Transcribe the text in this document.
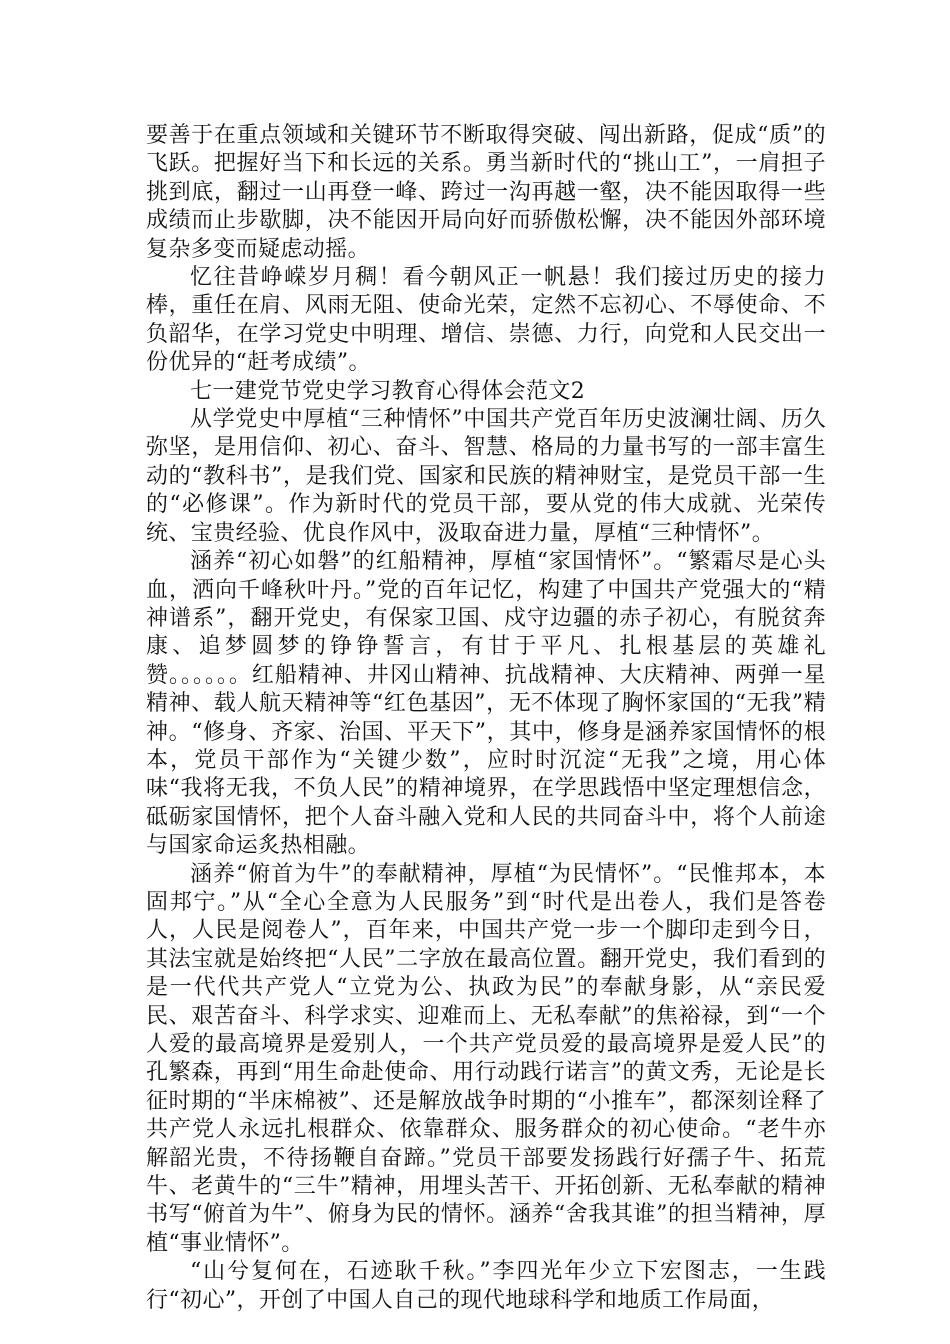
要善于在重点领域和关键环节不断取得突破、闯出新路，促成“质”的飞跃。把握好当下和长远的关系。勇当新时代的“挑山工”，一肩担子挑到底，翻过一山再登一峰、跨过一沟再越一壑，决不能因取得一些成绩而止步歇脚，决不能因开局向好而骄傲松懈，决不能因外部环境复杂多变而疑虑动摇。

忆往昔峥嵘岁月稠！看今朝风正一帆悬！我们接过历史的接力棒，重任在肩、风雨无阻、使命光荣，定然不忘初心、不辱使命、不负韶华，在学习党史中明理、增信、崇德、力行，向党和人民交出一份优异的“赶考成绩”。

七一建党节党史学习教育心得体会范文2

从学党史中厚植“三种情怀”中国共产党百年历史波澜壮阔、历久弥坚，是用信仰、初心、奋斗、智慧、格局的力量书写的一部丰富生动的“教科书”，是我们党、国家和民族的精神财宝，是党员干部一生的“必修课”。作为新时代的党员干部，要从党的伟大成就、光荣传统、宝贵经验、优良作风中，汲取奋进力量，厚植“三种情怀”。

涵养“初心如磐”的红船精神，厚植“家国情怀”。“繁霜尽是心头血，洒向千峰秋叶丹。”党的百年记忆，构建了中国共产党强大的“精神谱系”，翻开党史，有保家卫国、戍守边疆的赤子初心，有脱贫奔康、追梦圆梦的铮铮誓言，有甘于平凡、扎根基层的英雄礼赞。。。。。。红船精神、井冈山精神、抗战精神、大庆精神、两弹一星精神、载人航天精神等“红色基因”，无不体现了胸怀家国的“无我”精神。“修身、齐家、治国、平天下”，其中，修身是涵养家国情怀的根本，党员干部作为“关键少数”，应时时沉淀“无我”之境，用心体味“我将无我，不负人民”的精神境界，在学思践悟中坚定理想信念，砥砺家国情怀，把个人奋斗融入党和人民的共同奋斗中，将个人前途与国家命运炙热相融。

涵养“俯首为牛”的奉献精神，厚植“为民情怀”。“民惟邦本，本固邦宁。”从“全心全意为人民服务”到“时代是出卷人，我们是答卷人，人民是阅卷人”，百年来，中国共产党一步一个脚印走到今日，其法宝就是始终把“人民”二字放在最高位置。翻开党史，我们看到的是一代代共产党人“立党为公、执政为民”的奉献身影，从“亲民爱民、艰苦奋斗、科学求实、迎难而上、无私奉献”的焦裕禄，到“一个人爱的最高境界是爱别人，一个共产党员爱的最高境界是爱人民”的孔繁森，再到“用生命赴使命、用行动践行诺言”的黄文秀，无论是长征时期的“半床棉被”、还是解放战争时期的“小推车”，都深刻诠释了共产党人永远扎根群众、依靠群众、服务群众的初心使命。“老牛亦解韶光贵，不待扬鞭自奋蹄。”党员干部要发扬践行好孺子牛、拓荒牛、老黄牛的“三牛”精神，用埋头苦干、开拓创新、无私奉献的精神书写“俯首为牛”、俯身为民的情怀。涵养“舍我其谁”的担当精神，厚植“事业情怀”。

“山兮复何在，石迹耿千秋。”李四光年少立下宏图志，一生践行“初心”，开创了中国人自己的现代地球科学和地质工作局面，
